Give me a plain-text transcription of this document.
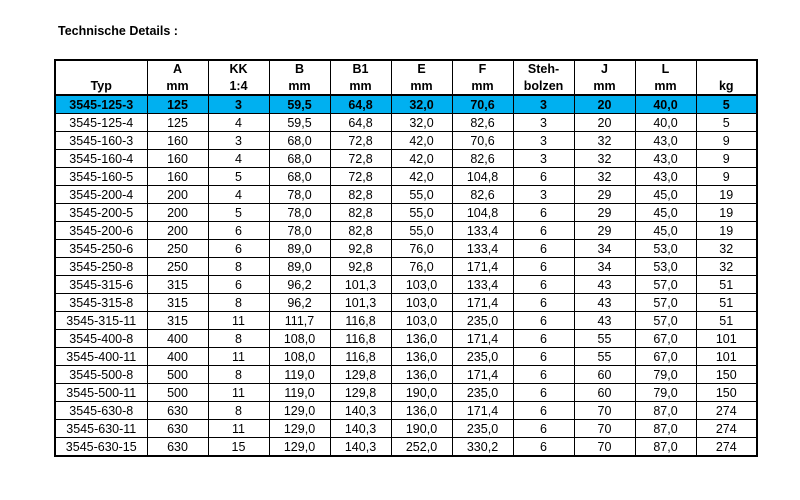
Technische Details :
	A	KK	B	B1	E	F	Steh-	J	L	
Typ	mm	1:4	mm	mm	mm	mm	bolzen	mm	mm	kg
3545-125-3	125	3	59,5	64,8	32,0	70,6	3	20	40,0	5
3545-125-4	125	4	59,5	64,8	32,0	82,6	3	20	40,0	5
3545-160-3	160	3	68,0	72,8	42,0	70,6	3	32	43,0	9
3545-160-4	160	4	68,0	72,8	42,0	82,6	3	32	43,0	9
3545-160-5	160	5	68,0	72,8	42,0	104,8	6	32	43,0	9
3545-200-4	200	4	78,0	82,8	55,0	82,6	3	29	45,0	19
3545-200-5	200	5	78,0	82,8	55,0	104,8	6	29	45,0	19
3545-200-6	200	6	78,0	82,8	55,0	133,4	6	29	45,0	19
3545-250-6	250	6	89,0	92,8	76,0	133,4	6	34	53,0	32
3545-250-8	250	8	89,0	92,8	76,0	171,4	6	34	53,0	32
3545-315-6	315	6	96,2	101,3	103,0	133,4	6	43	57,0	51
3545-315-8	315	8	96,2	101,3	103,0	171,4	6	43	57,0	51
3545-315-11	315	11	111,7	116,8	103,0	235,0	6	43	57,0	51
3545-400-8	400	8	108,0	116,8	136,0	171,4	6	55	67,0	101
3545-400-11	400	11	108,0	116,8	136,0	235,0	6	55	67,0	101
3545-500-8	500	8	119,0	129,8	136,0	171,4	6	60	79,0	150
3545-500-11	500	11	119,0	129,8	190,0	235,0	6	60	79,0	150
3545-630-8	630	8	129,0	140,3	136,0	171,4	6	70	87,0	274
3545-630-11	630	11	129,0	140,3	190,0	235,0	6	70	87,0	274
3545-630-15	630	15	129,0	140,3	252,0	330,2	6	70	87,0	274
